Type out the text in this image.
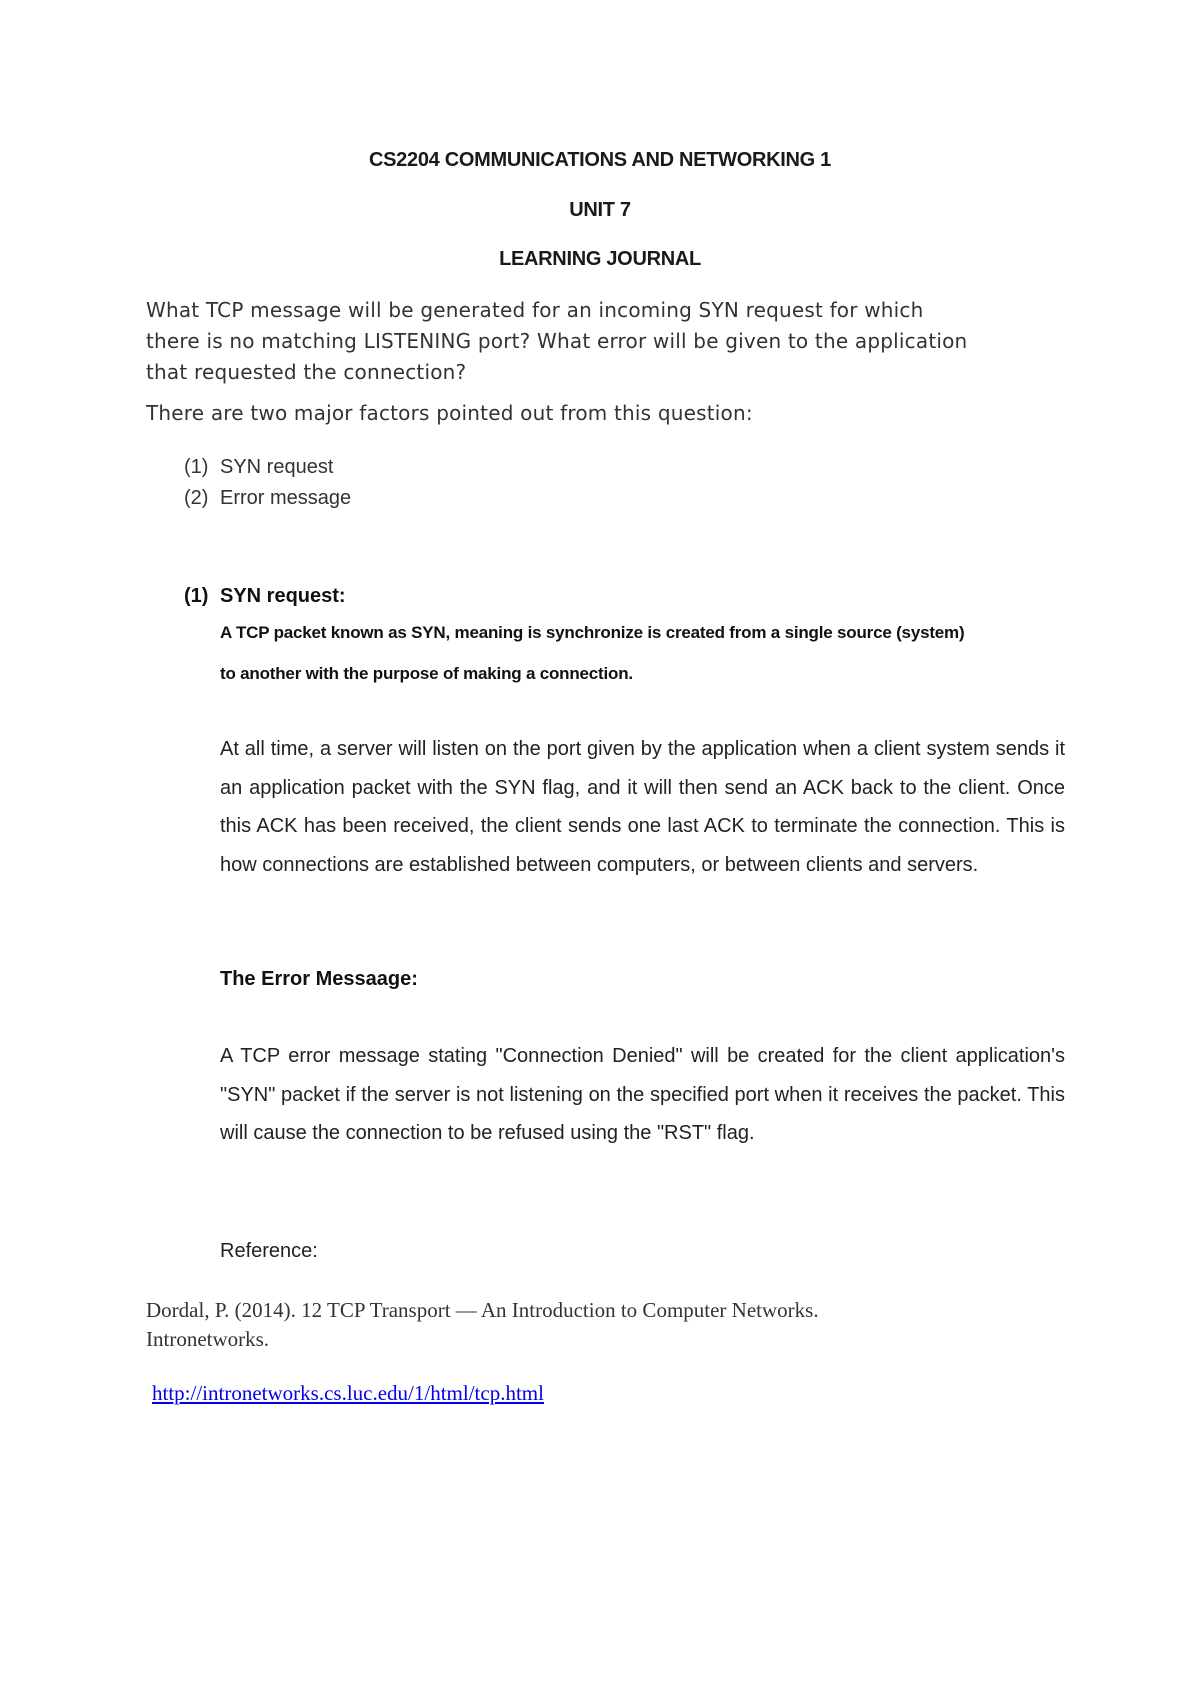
CS2204 COMMUNICATIONS AND NETWORKING 1
UNIT 7
LEARNING JOURNAL
What TCP message will be generated for an incoming SYN request for which
there is no matching LISTENING port? What error will be given to the application
that requested the connection?
There are two major factors pointed out from this question:
(1) SYN request
(2) Error message
(1) SYN request:
A TCP packet known as SYN, meaning is synchronize is created from a single source (system)
to another with the purpose of making a connection.
At all time, a server will listen on the port given by the application when a client system sends it an application packet with the SYN flag, and it will then send an ACK back to the client. Once this ACK has been received, the client sends one last ACK to terminate the connection. This is how connections are established between computers, or between clients and servers.
The Error Messaage:
A TCP error message stating "Connection Denied" will be created for the client application's "SYN" packet if the server is not listening on the specified port when it receives the packet. This will cause the connection to be refused using the "RST" flag.
Reference:
Dordal, P. (2014). 12 TCP Transport — An Introduction to Computer Networks.
Intronetworks.
http://intronetworks.cs.luc.edu/1/html/tcp.html
